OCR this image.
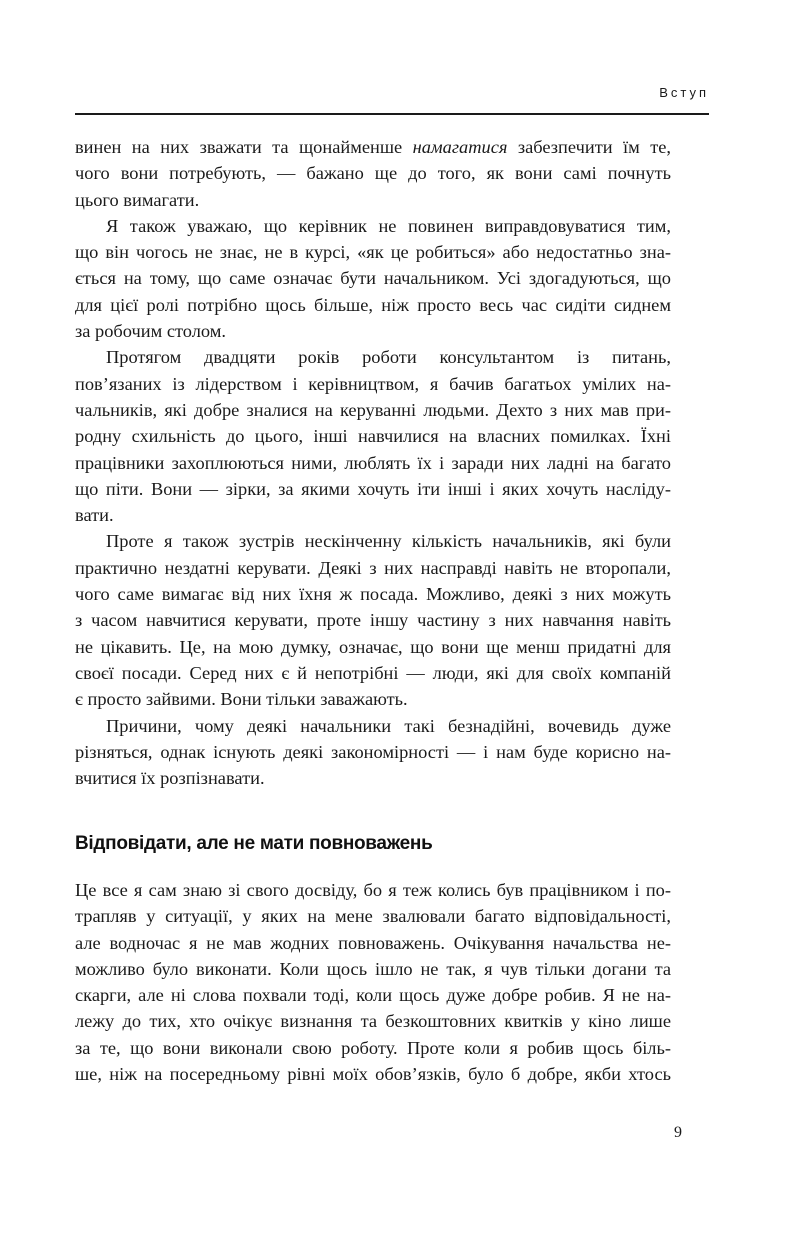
Вступ

винен на них зважати та щонайменше намагатися забезпечити їм те,
чого вони потребують, — бажано ще до того, як вони самі почнуть
цього вимагати.

Я також уважаю, що керівник не повинен виправдовуватися тим,
що він чогось не знає, не в курсі, «як це робиться» або недостатньо зна-
ється на тому, що саме означає бути начальником. Усі здогадуються, що
для цієї ролі потрібно щось більше, ніж просто весь час сидіти сиднем
за робочим столом.

Протягом двадцяти років роботи консультантом із питань,
пов’язаних із лідерством і керівництвом, я бачив багатьох умілих на-
чальників, які добре зналися на керуванні людьми. Дехто з них мав при-
родну схильність до цього, інші навчилися на власних помилках. Їхні
працівники захоплюються ними, люблять їх і заради них ладні на багато
що піти. Вони — зірки, за якими хочуть іти інші і яких хочуть насліду-
вати.

Проте я також зустрів нескінченну кількість начальників, які були
практично нездатні керувати. Деякі з них насправді навіть не второпали,
чого саме вимагає від них їхня ж посада. Можливо, деякі з них можуть
з часом навчитися керувати, проте іншу частину з них навчання навіть
не цікавить. Це, на мою думку, означає, що вони ще менш придатні для
своєї посади. Серед них є й непотрібні — люди, які для своїх компаній
є просто зайвими. Вони тільки заважають.

Причини, чому деякі начальники такі безнадійні, вочевидь дуже
різняться, однак існують деякі закономірності — і нам буде корисно на-
вчитися їх розпізнавати.

Відповідати, але не мати повноважень

Це все я сам знаю зі свого досвіду, бо я теж колись був працівником і по-
трапляв у ситуації, у яких на мене звалювали багато відповідальності,
але водночас я не мав жодних повноважень. Очікування начальства не-
можливо було виконати. Коли щось ішло не так, я чув тільки догани та
скарги, але ні слова похвали тоді, коли щось дуже добре робив. Я не на-
лежу до тих, хто очікує визнання та безкоштовних квитків у кіно лише
за те, що вони виконали свою роботу. Проте коли я робив щось біль-
ше, ніж на посередньому рівні моїх обов’язків, було б добре, якби хтось

9
